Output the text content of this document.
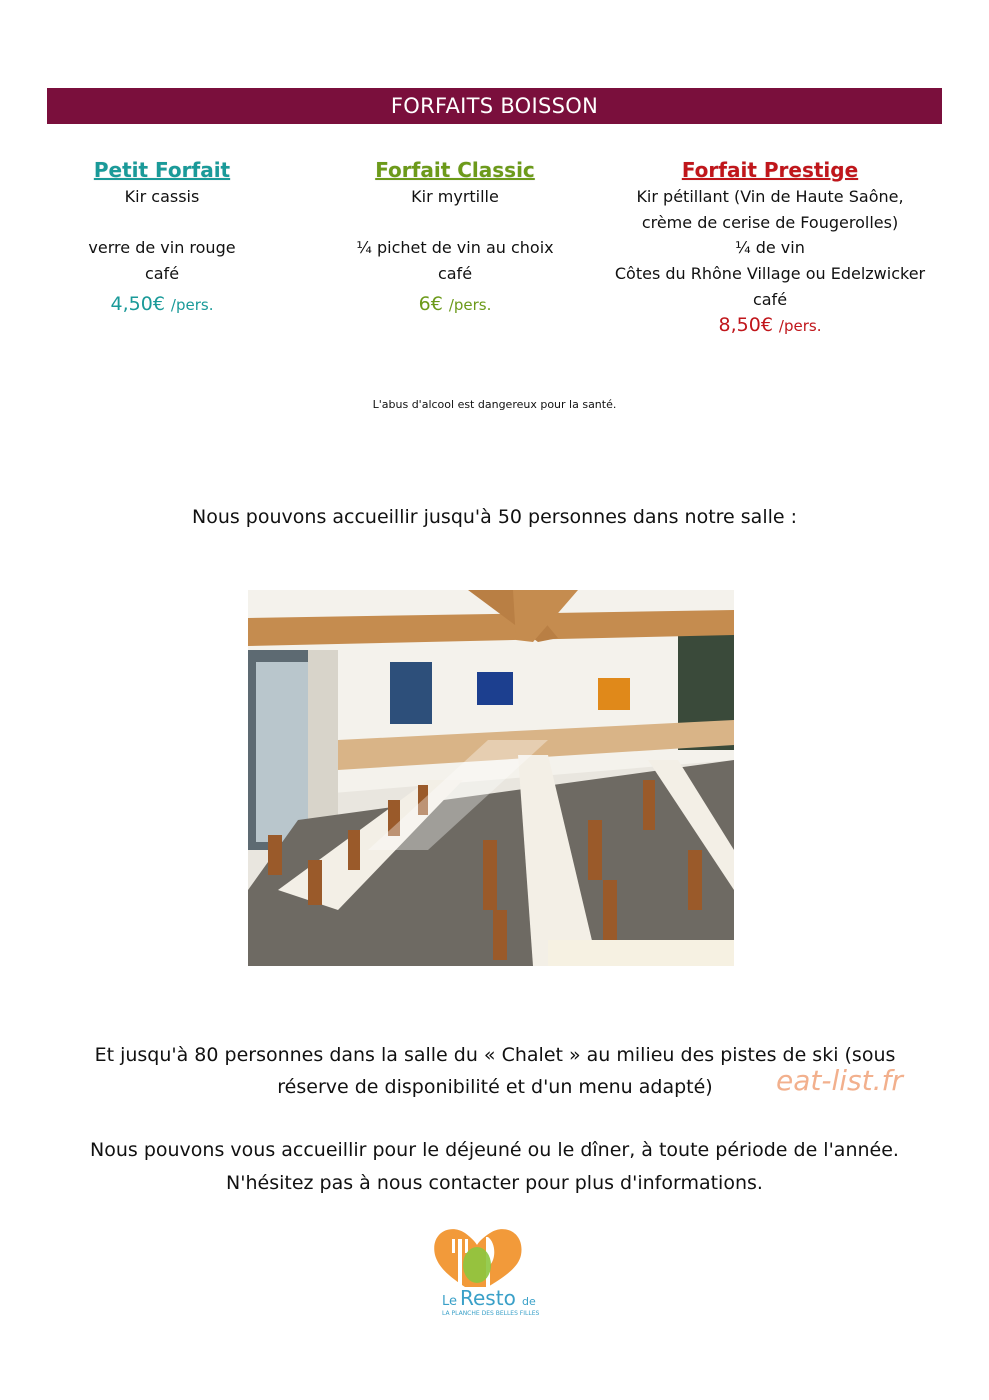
FORFAITS BOISSON
Petit Forfait
Kir cassis
verre de vin rouge
café
4,50€ /pers.
Forfait Classic
Kir myrtille
¼ pichet de vin au choix
café
6€ /pers.
Forfait Prestige
Kir pétillant (Vin de Haute Saône,
crème de cerise de Fougerolles)
¼ de vin
Côtes du Rhône Village ou Edelzwicker
café
8,50€ /pers.
L'abus d'alcool est dangereux pour la santé.
Nous pouvons accueillir jusqu'à 50 personnes dans notre salle :
Et jusqu'à 80 personnes dans la salle du « Chalet » au milieu des pistes de ski (sous
réserve de disponibilité et d'un menu adapté)	eat-list.fr
Nous pouvons vous accueillir pour le déjeuné ou le dîner, à toute période de l'année.
N'hésitez pas à nous contacter pour plus d'informations.
Le Resto de
LA PLANCHE DES BELLES FILLES
